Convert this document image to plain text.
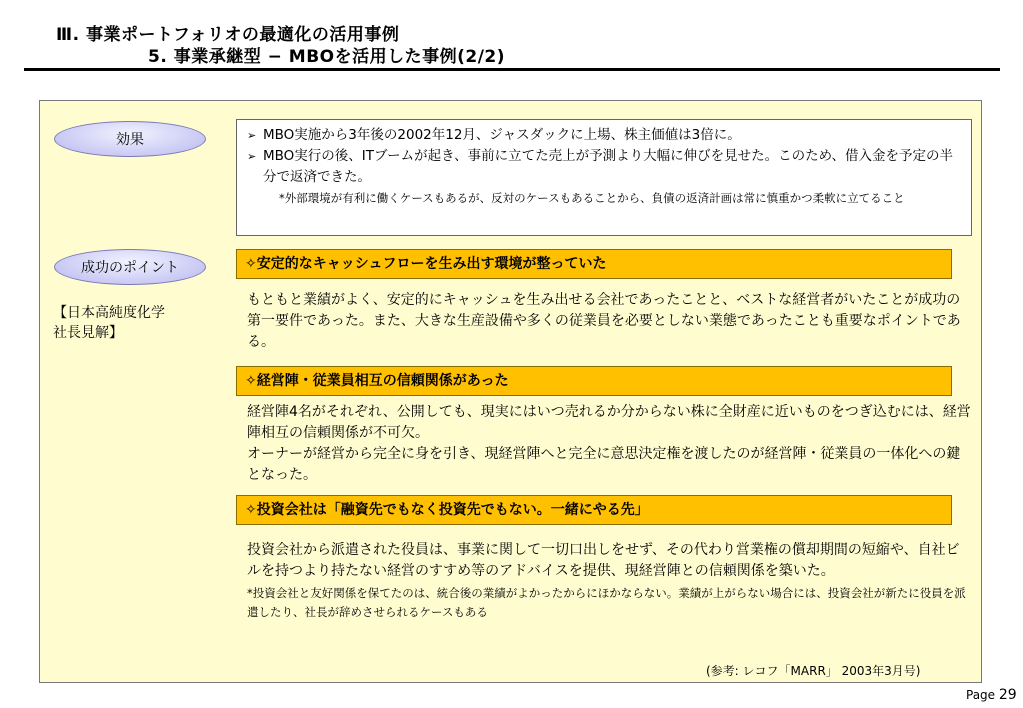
Ⅲ. 事業ポートフォリオの最適化の活用事例
5. 事業承継型 − MBOを活用した事例(2/2)
効果
成功のポイント
【日本高純度化学
社長見解】
➢ MBO実施から3年後の2002年12月、ジャスダックに上場、株主価値は3倍に。
➢ MBO実行の後、ITブームが起き、事前に立てた売上が予測より大幅に伸びを見せた。このため、借入金を予定の半分で返済できた。
*外部環境が有利に働くケースもあるが、反対のケースもあることから、負債の返済計画は常に慎重かつ柔軟に立てること
✧安定的なキャッシュフローを生み出す環境が整っていた
もともと業績がよく、安定的にキャッシュを生み出せる会社であったことと、ベストな経営者がいたことが成功の第一要件であった。また、大きな生産設備や多くの従業員を必要としない業態であったことも重要なポイントである。
✧経営陣・従業員相互の信頼関係があった
経営陣4名がそれぞれ、公開しても、現実にはいつ売れるか分からない株に全財産に近いものをつぎ込むには、経営陣相互の信頼関係が不可欠。
オーナーが経営から完全に身を引き、現経営陣へと完全に意思決定権を渡したのが経営陣・従業員の一体化への鍵となった。
✧投資会社は「融資先でもなく投資先でもない。一緒にやる先」
投資会社から派遣された役員は、事業に関して一切口出しをせず、その代わり営業権の償却期間の短縮や、自社ビルを持つより持たない経営のすすめ等のアドバイスを提供、現経営陣との信頼関係を築いた。
*投資会社と友好関係を保てたのは、統合後の業績がよかったからにほかならない。業績が上がらない場合には、投資会社が新たに役員を派遣したり、社長が辞めさせられるケースもある
(参考: レコフ「MARR」 2003年3月号)
Page 29
